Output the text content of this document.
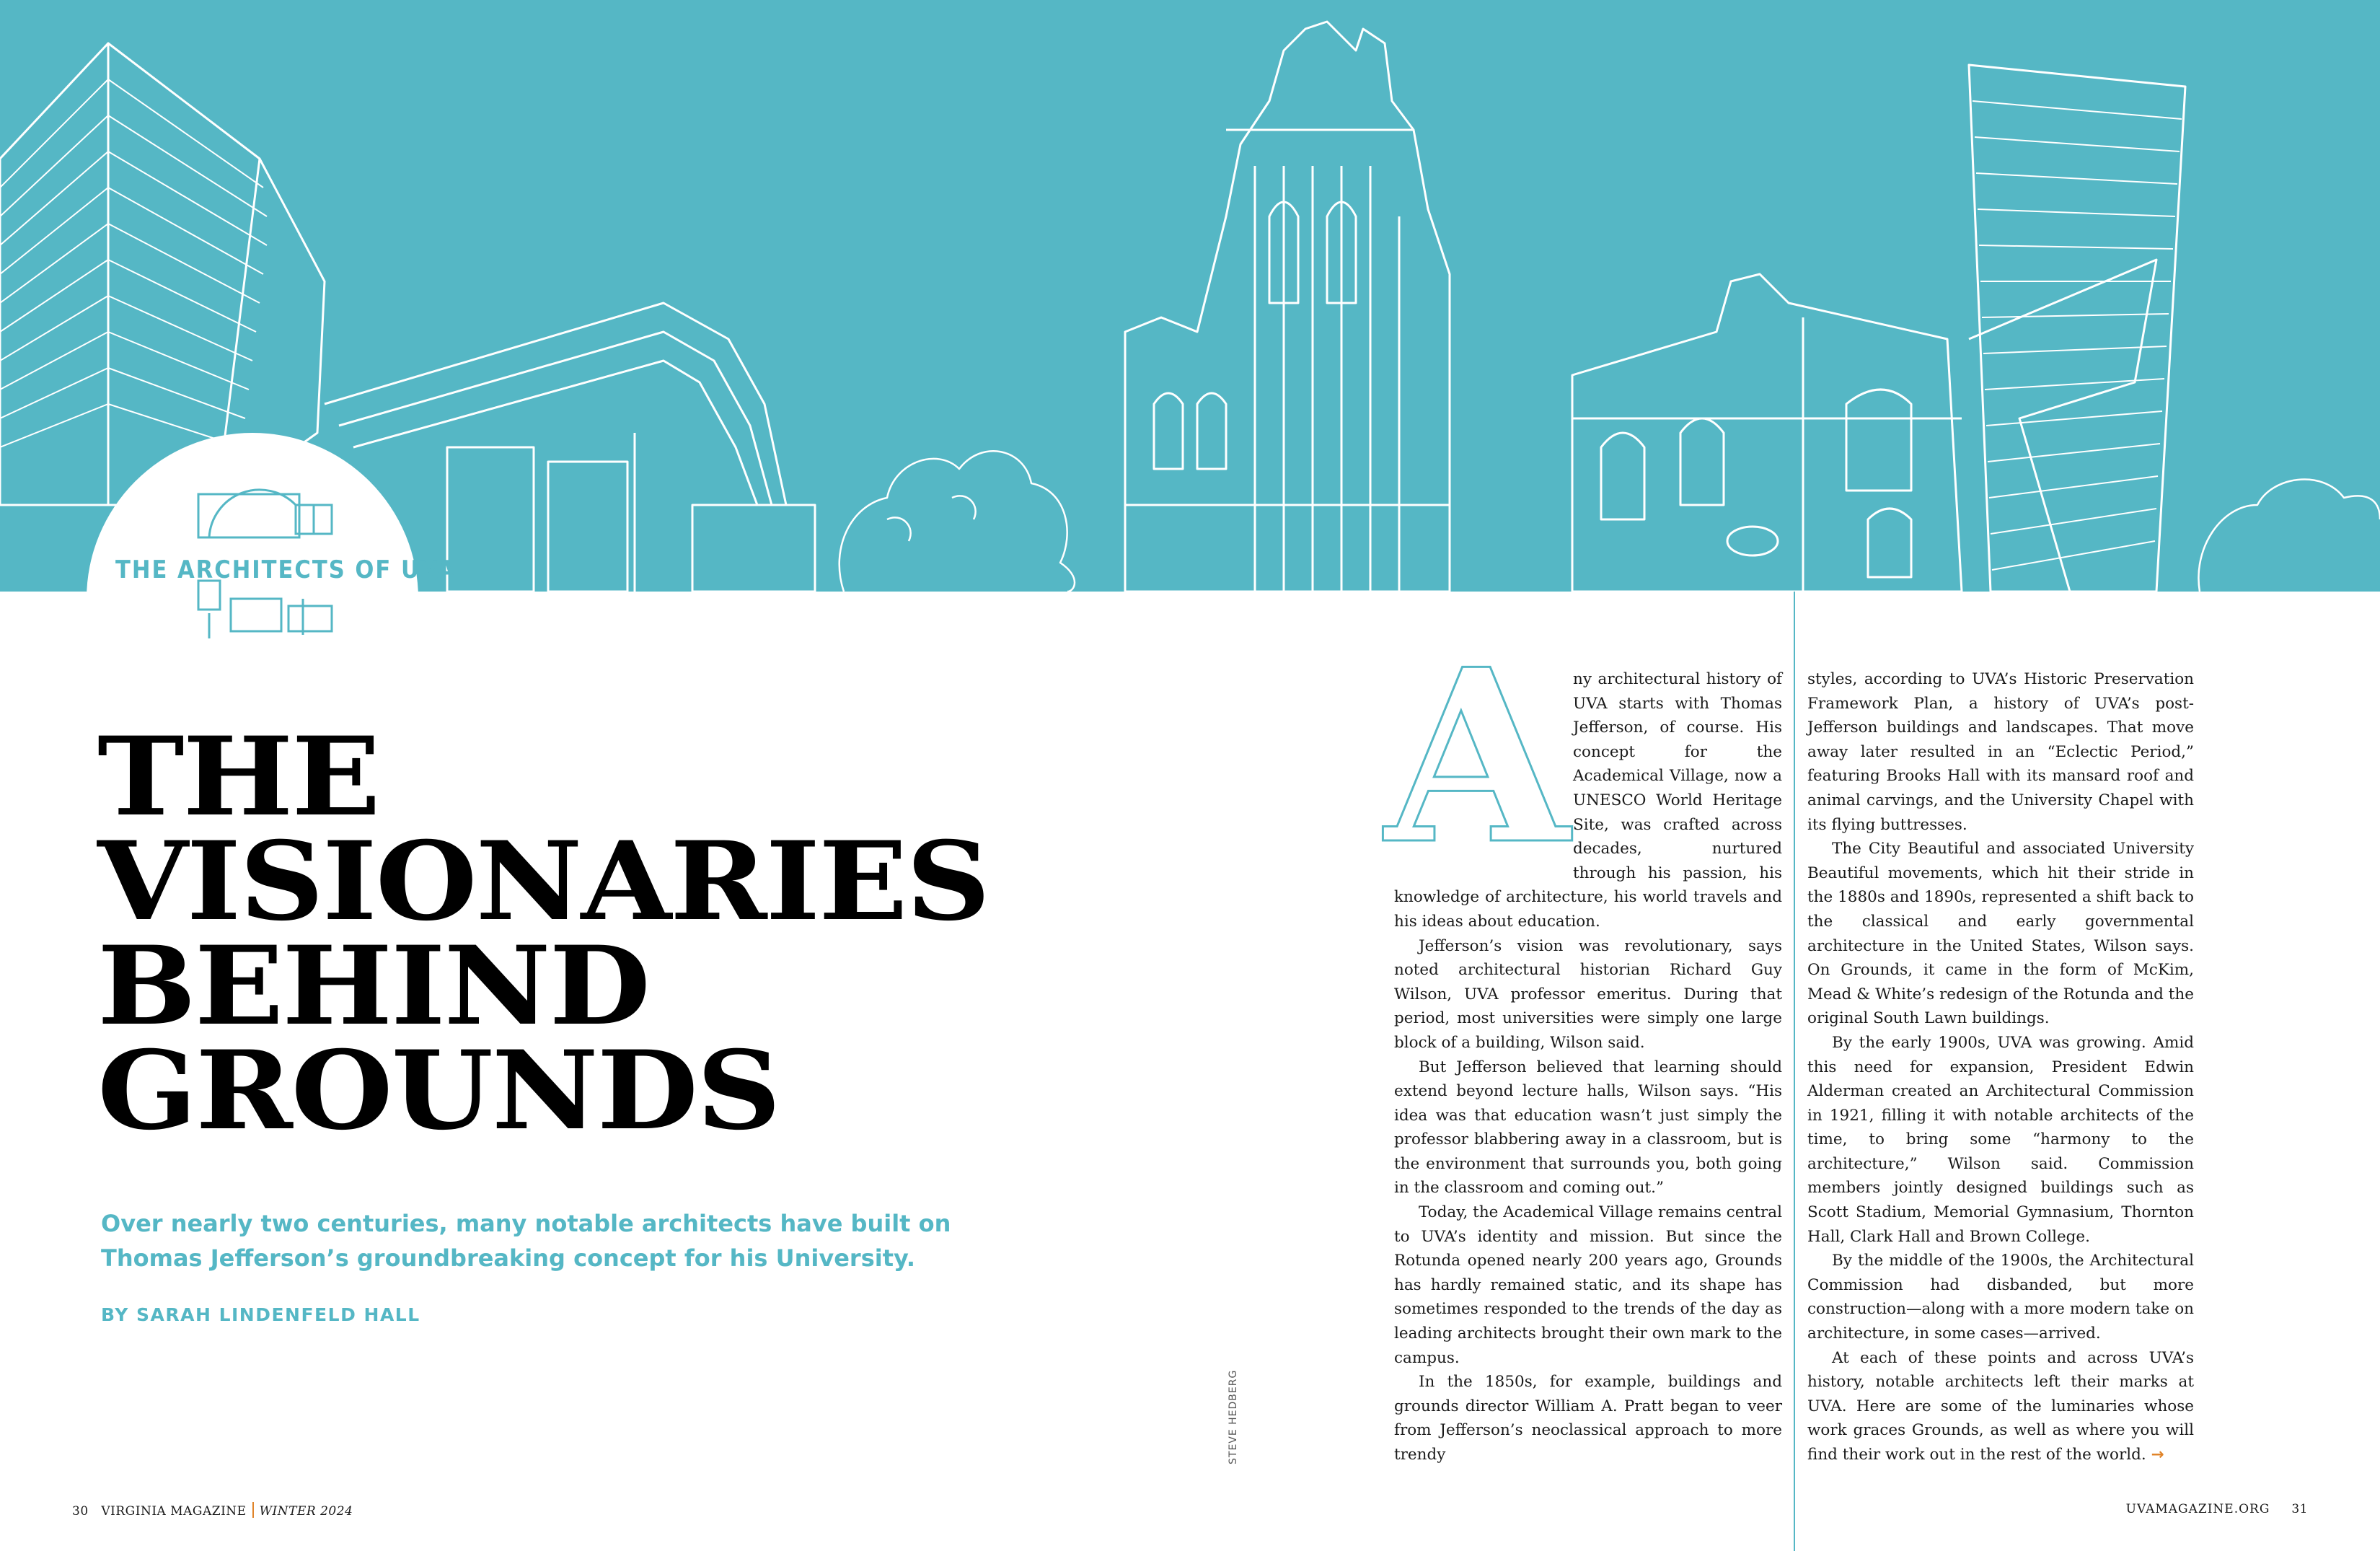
THE ARCHITECTS OF UVA
THE
VISIONARIES
BEHIND
GROUNDS
Over nearly two centuries, many notable architects have built on Thomas Jefferson’s groundbreaking concept for his University.
BY SARAH LINDENFELD HALL
STEVE HEDBERG
A ny architectural history of UVA starts with Thomas Jefferson, of course. His concept for the Academical Village, now a UNESCO World Heritage Site, was crafted across decades, nurtured through his passion, his knowledge of architecture, his world travels and his ideas about education.

Jefferson’s vision was revolutionary, says noted architectural historian Richard Guy Wilson, UVA professor emeritus. During that period, most universities were simply one large block of a building, Wilson said.

But Jefferson believed that learning should extend beyond lecture halls, Wilson says. “His idea was that education wasn’t just simply the professor blabbering away in a classroom, but is the environment that surrounds you, both going in the classroom and coming out.”

Today, the Academical Village remains central to UVA’s identity and mission. But since the Rotunda opened nearly 200 years ago, Grounds has hardly remained static, and its shape has sometimes responded to the trends of the day as leading architects brought their own mark to the campus.

In the 1850s, for example, buildings and grounds director William A. Pratt began to veer from Jefferson’s neoclassical approach to more trendy

styles, according to UVA’s Historic Preservation Framework Plan, a history of UVA’s post-Jefferson buildings and landscapes. That move away later resulted in an “Eclectic Period,” featuring Brooks Hall with its mansard roof and animal carvings, and the University Chapel with its flying buttresses.

The City Beautiful and associated University Beautiful movements, which hit their stride in the 1880s and 1890s, represented a shift back to the classical and early governmental architecture in the United States, Wilson says. On Grounds, it came in the form of McKim, Mead & White’s redesign of the Rotunda and the original South Lawn buildings.

By the early 1900s, UVA was growing. Amid this need for expansion, President Edwin Alderman created an Architectural Commission in 1921, filling it with notable architects of the time, to bring some “harmony to the architecture,” Wilson said. Commission members jointly designed buildings such as Scott Stadium, Memorial Gymnasium, Thornton Hall, Clark Hall and Brown College.

By the middle of the 1900s, the Architectural Commission had disbanded, but more construction—along with a more modern take on architecture, in some cases—arrived.

At each of these points and across UVA’s history, notable architects left their marks at UVA. Here are some of the luminaries whose work graces Grounds, as well as where you will find their work out in the rest of the world. →

30 VIRGINIA MAGAZINE WINTER 2024	UVAMAGAZINE.ORG 31
